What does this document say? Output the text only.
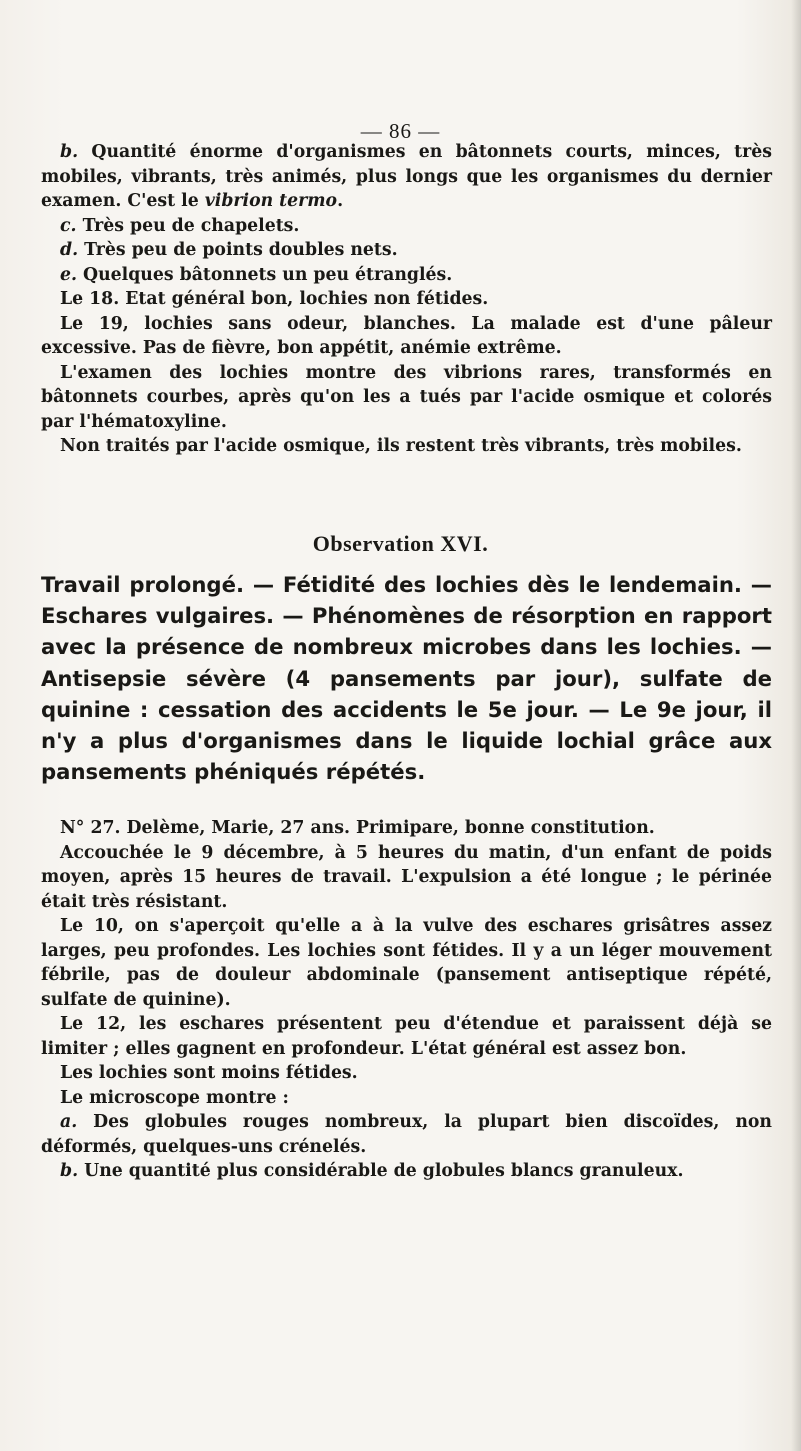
— 86 —

b. Quantité énorme d'organismes en bâtonnets courts, minces, très mobiles, vibrants, très animés, plus longs que les organismes du dernier examen. C'est le vibrion termo.

c. Très peu de chapelets.

d. Très peu de points doubles nets.

e. Quelques bâtonnets un peu étranglés.

Le 18. Etat général bon, lochies non fétides.

Le 19, lochies sans odeur, blanches. La malade est d'une pâleur excessive. Pas de fièvre, bon appétit, anémie extrême.

L'examen des lochies montre des vibrions rares, transformés en bâtonnets courbes, après qu'on les a tués par l'acide osmique et colorés par l'hématoxyline.

Non traités par l'acide osmique, ils restent très vibrants, très mobiles.

Observation XVI.

Travail prolongé. — Fétidité des lochies dès le lendemain. — Eschares vulgaires. — Phénomènes de résorption en rapport avec la présence de nombreux microbes dans les lochies. — Antisepsie sévère (4 pansements par jour), sulfate de quinine : cessation des accidents le 5e jour. — Le 9e jour, il n'y a plus d'organismes dans le liquide lochial grâce aux pansements phéniqués répétés.

N° 27. Delème, Marie, 27 ans. Primipare, bonne constitution.

Accouchée le 9 décembre, à 5 heures du matin, d'un enfant de poids moyen, après 15 heures de travail. L'expulsion a été longue ; le périnée était très résistant.

Le 10, on s'aperçoit qu'elle a à la vulve des eschares grisâtres assez larges, peu profondes. Les lochies sont fétides. Il y a un léger mouvement fébrile, pas de douleur abdominale (pansement antiseptique répété, sulfate de quinine).

Le 12, les eschares présentent peu d'étendue et paraissent déjà se limiter ; elles gagnent en profondeur. L'état général est assez bon.

Les lochies sont moins fétides.

Le microscope montre :

a. Des globules rouges nombreux, la plupart bien discoïdes, non déformés, quelques-uns crénelés.

b. Une quantité plus considérable de globules blancs granuleux.
